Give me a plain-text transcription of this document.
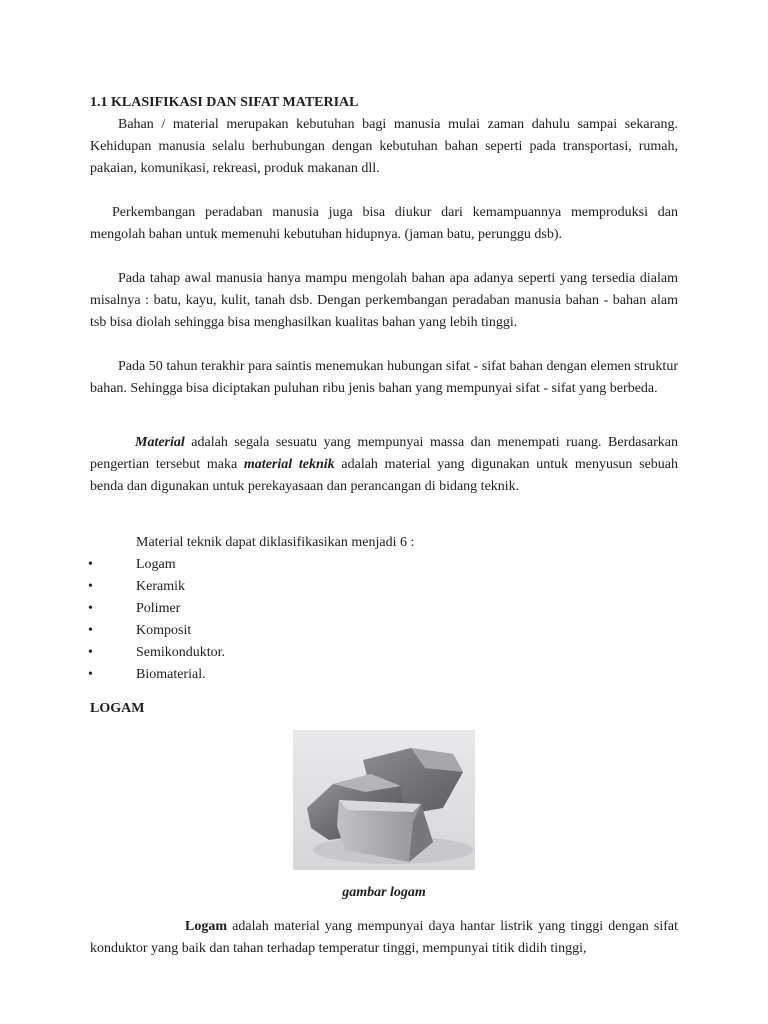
1.1 KLASIFIKASI DAN SIFAT MATERIAL

Bahan / material merupakan kebutuhan bagi manusia mulai zaman dahulu sampai sekarang. Kehidupan manusia selalu berhubungan dengan kebutuhan bahan seperti pada transportasi, rumah, pakaian, komunikasi, rekreasi, produk makanan dll.

Perkembangan peradaban manusia juga bisa diukur dari kemampuannya memproduksi dan mengolah bahan untuk memenuhi kebutuhan hidupnya. (jaman batu, perunggu dsb).

Pada tahap awal manusia hanya mampu mengolah bahan apa adanya seperti yang tersedia dialam misalnya : batu, kayu, kulit, tanah dsb. Dengan perkembangan peradaban manusia bahan - bahan alam tsb bisa diolah sehingga bisa menghasilkan kualitas bahan yang lebih tinggi.

Pada 50 tahun terakhir para saintis menemukan hubungan sifat - sifat bahan dengan elemen struktur bahan. Sehingga bisa diciptakan puluhan ribu jenis bahan yang mempunyai sifat - sifat yang berbeda.

Material adalah segala sesuatu yang mempunyai massa dan menempati ruang. Berdasarkan pengertian tersebut maka material teknik adalah material yang digunakan untuk menyusun sebuah benda dan digunakan untuk perekayasaan dan perancangan di bidang teknik.

Material teknik dapat diklasifikasikan menjadi 6 :

•	Logam
•	Keramik
•	Polimer
•	Komposit
•	Semikonduktor.
•	Biomaterial.
LOGAM
gambar logam

Logam adalah material yang mempunyai daya hantar listrik yang tinggi dengan sifat konduktor yang baik dan tahan terhadap temperatur tinggi, mempunyai titik didih tinggi,
